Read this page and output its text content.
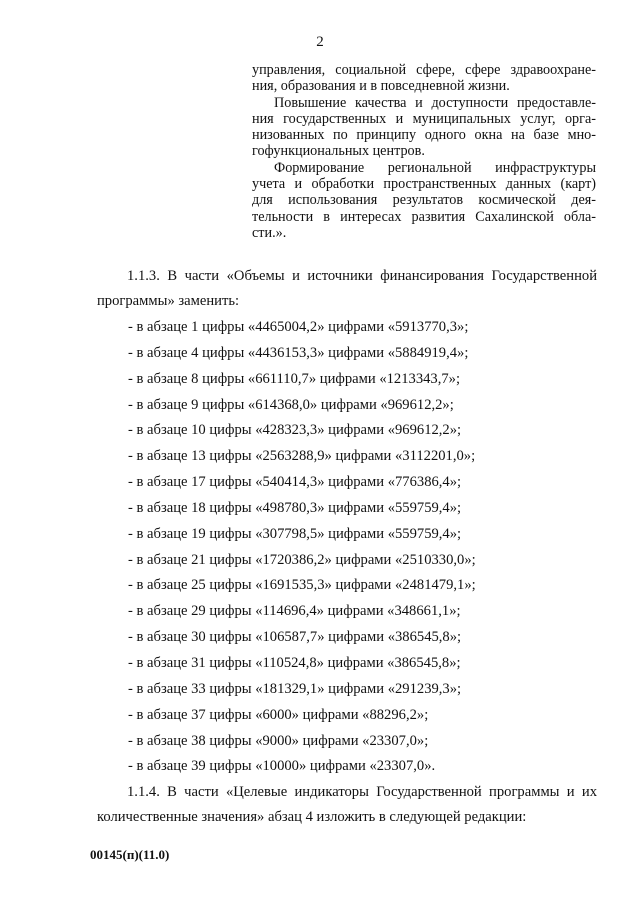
2

управления, социальной сфере, сфере здравоохране-

ния, образования и в повседневной жизни.

Повышение качества и доступности предоставле-

ния государственных и муниципальных услуг, орга-

низованных по принципу одного окна на базе мно-

гофункциональных центров.

Формирование региональной инфраструктуры

учета и обработки пространственных данных (карт)

для использования результатов космической дея-

тельности в интересах развития Сахалинской обла-

сти.».

1.1.3. В части «Объемы и источники финансирования Государственной программы» заменить:

- в абзаце 1 цифры «4465004,2» цифрами «5913770,3»;
- в абзаце 4 цифры «4436153,3» цифрами «5884919,4»;
- в абзаце 8 цифры «661110,7» цифрами «1213343,7»;
- в абзаце 9 цифры «614368,0» цифрами «969612,2»;
- в абзаце 10 цифры «428323,3» цифрами «969612,2»;
- в абзаце 13 цифры «2563288,9» цифрами «3112201,0»;
- в абзаце 17 цифры «540414,3» цифрами «776386,4»;
- в абзаце 18 цифры «498780,3» цифрами «559759,4»;
- в абзаце 19 цифры «307798,5» цифрами «559759,4»;
- в абзаце 21 цифры «1720386,2» цифрами «2510330,0»;
- в абзаце 25 цифры «1691535,3» цифрами «2481479,1»;
- в абзаце 29 цифры «114696,4» цифрами «348661,1»;
- в абзаце 30 цифры «106587,7» цифрами «386545,8»;
- в абзаце 31 цифры «110524,8» цифрами «386545,8»;
- в абзаце 33 цифры «181329,1» цифрами «291239,3»;
- в абзаце 37 цифры «6000» цифрами «88296,2»;
- в абзаце 38 цифры «9000» цифрами «23307,0»;
- в абзаце 39 цифры «10000» цифрами «23307,0».

1.1.4. В части «Целевые индикаторы Государственной программы и их количественные значения» абзац 4 изложить в следующей редакции:

00145(п)(11.0)
